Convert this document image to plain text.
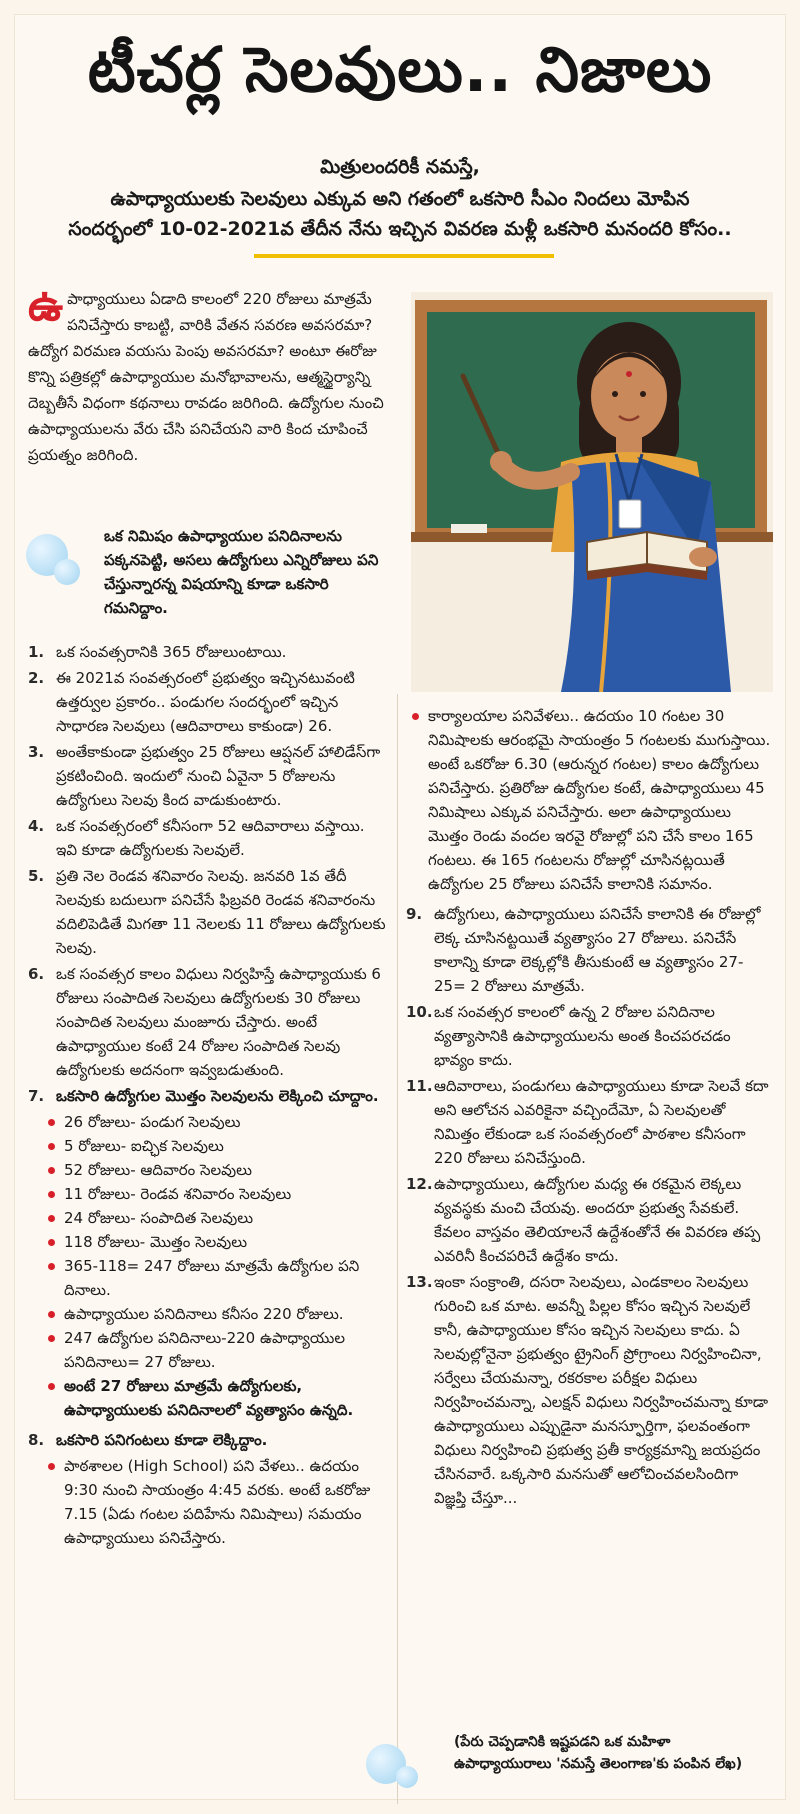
టీచర్ల సెలవులు.. నిజాలు
మిత్రులందరికీ నమస్తే,
ఉపాధ్యాయులకు సెలవులు ఎక్కువ అని గతంలో ఒకసారి సీఎం నిందలు మోపిన
సందర్భంలో 10-02-2021వ తేదీన నేను ఇచ్చిన వివరణ మళ్లీ ఒకసారి మనందరి కోసం..
ఉ పాధ్యాయులు ఏడాది కాలంలో 220 రోజులు మాత్రమే పనిచేస్తారు కాబట్టి, వారికి వేతన సవరణ అవసరమా? ఉద్యోగ విరమణ వయసు పెంపు అవసరమా? అంటూ ఈరోజు కొన్ని పత్రికల్లో ఉపాధ్యాయుల మనోభావాలను, ఆత్మస్థైర్యాన్ని దెబ్బతీసే విధంగా కథనాలు రావడం జరిగింది. ఉద్యోగుల నుంచి ఉపాధ్యాయులను వేరు చేసి పనిచేయని వారి కింద చూపించే ప్రయత్నం జరిగింది.
ఒక నిమిషం ఉపాధ్యాయుల పనిదినాలను పక్కనపెట్టి, అసలు ఉద్యోగులు ఎన్నిరోజులు పని చేస్తున్నారన్న విషయాన్ని కూడా ఒకసారి గమనిద్దాం.
1. ఒక సంవత్సరానికి 365 రోజులుంటాయి.
2. ఈ 2021వ సంవత్సరంలో ప్రభుత్వం ఇచ్చినటువంటి ఉత్తర్వుల ప్రకారం.. పండుగల సందర్భంలో ఇచ్చిన సాధారణ సెలవులు (ఆదివారాలు కాకుండా) 26.
3. అంతేకాకుండా ప్రభుత్వం 25 రోజులు ఆప్షనల్ హాలిడేస్‌గా ప్రకటించింది. ఇందులో నుంచి ఏవైనా 5 రోజులను ఉద్యోగులు సెలవు కింద వాడుకుంటారు.
4. ఒక సంవత్సరంలో కనీసంగా 52 ఆదివారాలు వస్తాయి. ఇవి కూడా ఉద్యోగులకు సెలవులే.
5. ప్రతి నెల రెండవ శనివారం సెలవు. జనవరి 1వ తేదీ సెలవుకు బదులుగా పనిచేసే ఫిబ్రవరి రెండవ శనివారంను వదిలిపెడితే మిగతా 11 నెలలకు 11 రోజులు ఉద్యోగులకు సెలవు.
6. ఒక సంవత్సర కాలం విధులు నిర్వహిస్తే ఉపాధ్యాయుకు 6 రోజులు సంపాదిత సెలవులు ఉద్యోగులకు 30 రోజులు సంపాదిత సెలవులు మంజూరు చేస్తారు. అంటే ఉపాధ్యాయుల కంటే 24 రోజుల సంపాదిత సెలవు ఉద్యోగులకు అదనంగా ఇవ్వబడుతుంది.
7. ఒకసారి ఉద్యోగుల మొత్తం సెలవులను లెక్కించి చూద్దాం.
26 రోజులు- పండుగ సెలవులు
5 రోజులు- ఐచ్ఛిక సెలవులు
52 రోజులు- ఆదివారం సెలవులు
11 రోజులు- రెండవ శనివారం సెలవులు
24 రోజులు- సంపాదిత సెలవులు
118 రోజులు- మొత్తం సెలవులు
365-118= 247 రోజులు మాత్రమే ఉద్యోగుల పని దినాలు.
ఉపాధ్యాయుల పనిదినాలు కనీసం 220 రోజులు.
247 ఉద్యోగుల పనిదినాలు-220 ఉపాధ్యాయుల పనిదినాలు= 27 రోజులు.
అంటే 27 రోజులు మాత్రమే ఉద్యోగులకు, ఉపాధ్యాయులకు పనిదినాలలో వ్యత్యాసం ఉన్నది.
8. ఒకసారి పనిగంటలు కూడా లెక్కిద్దాం.
పాఠశాలల (High School) పని వేళలు.. ఉదయం 9:30 నుంచి సాయంత్రం 4:45 వరకు. అంటే ఒకరోజు 7.15 (ఏడు గంటల పదిహేను నిమిషాలు) సమయం ఉపాధ్యాయులు పనిచేస్తారు.
కార్యాలయాల పనివేళలు.. ఉదయం 10 గంటల 30 నిమిషాలకు ఆరంభమై సాయంత్రం 5 గంటలకు ముగుస్తాయి. అంటే ఒకరోజు 6.30 (ఆరున్నర గంటల) కాలం ఉద్యోగులు పనిచేస్తారు. ప్రతిరోజు ఉద్యోగుల కంటే, ఉపాధ్యాయులు 45 నిమిషాలు ఎక్కువ పనిచేస్తారు. అలా ఉపాధ్యాయులు మొత్తం రెండు వందల ఇరవై రోజుల్లో పని చేసే కాలం 165 గంటలు. ఈ 165 గంటలను రోజుల్లో చూసినట్లయితే ఉద్యోగుల 25 రోజులు పనిచేసే కాలానికి సమానం.
9. ఉద్యోగులు, ఉపాధ్యాయులు పనిచేసే కాలానికి ఈ రోజుల్లో లెక్క చూసినట్టయితే వ్యత్యాసం 27 రోజులు. పనిచేసే కాలాన్ని కూడా లెక్కల్లోకి తీసుకుంటే ఆ వ్యత్యాసం 27-25= 2 రోజులు మాత్రమే.
10. ఒక సంవత్సర కాలంలో ఉన్న 2 రోజుల పనిదినాల వ్యత్యాసానికి ఉపాధ్యాయులను అంత కించపరచడం భావ్యం కాదు.
11. ఆదివారాలు, పండుగలు ఉపాధ్యాయులు కూడా సెలవే కదా అని ఆలోచన ఎవరికైనా వచ్చిందేమో, ఏ సెలవులతో నిమిత్తం లేకుండా ఒక సంవత్సరంలో పాఠశాల కనీసంగా 220 రోజులు పనిచేస్తుంది.
12. ఉపాధ్యాయులు, ఉద్యోగుల మధ్య ఈ రకమైన లెక్కలు వ్యవస్థకు మంచి చేయవు. అందరూ ప్రభుత్వ సేవకులే. కేవలం వాస్తవం తెలియాలనే ఉద్దేశంతోనే ఈ వివరణ తప్ప ఎవరినీ కించపరిచే ఉద్దేశం కాదు.
13. ఇంకా సంక్రాంతి, దసరా సెలవులు, ఎండకాలం సెలవులు గురించి ఒక మాట. అవన్నీ పిల్లల కోసం ఇచ్చిన సెలవులే కానీ, ఉపాధ్యాయుల కోసం ఇచ్చిన సెలవులు కాదు. ఏ సెలవుల్లోనైనా ప్రభుత్వం ట్రైనింగ్ ప్రోగ్రాంలు నిర్వహించినా, సర్వేలు చేయమన్నా, రకరకాల పరీక్షల విధులు నిర్వహించమన్నా, ఎలక్షన్ విధులు నిర్వహించమన్నా కూడా ఉపాధ్యాయులు ఎప్పుడైనా మనస్ఫూర్తిగా, ఫలవంతంగా విధులు నిర్వహించి ప్రభుత్వ ప్రతీ కార్యక్రమాన్ని జయప్రదం చేసినవారే. ఒక్కసారి మనసుతో ఆలోచించవలసిందిగా విజ్ఞప్తి చేస్తూ...
(పేరు చెప్పడానికి ఇష్టపడని ఒక మహిళా ఉపాధ్యాయురాలు 'నమస్తే తెలంగాణ'కు పంపిన లేఖ)
